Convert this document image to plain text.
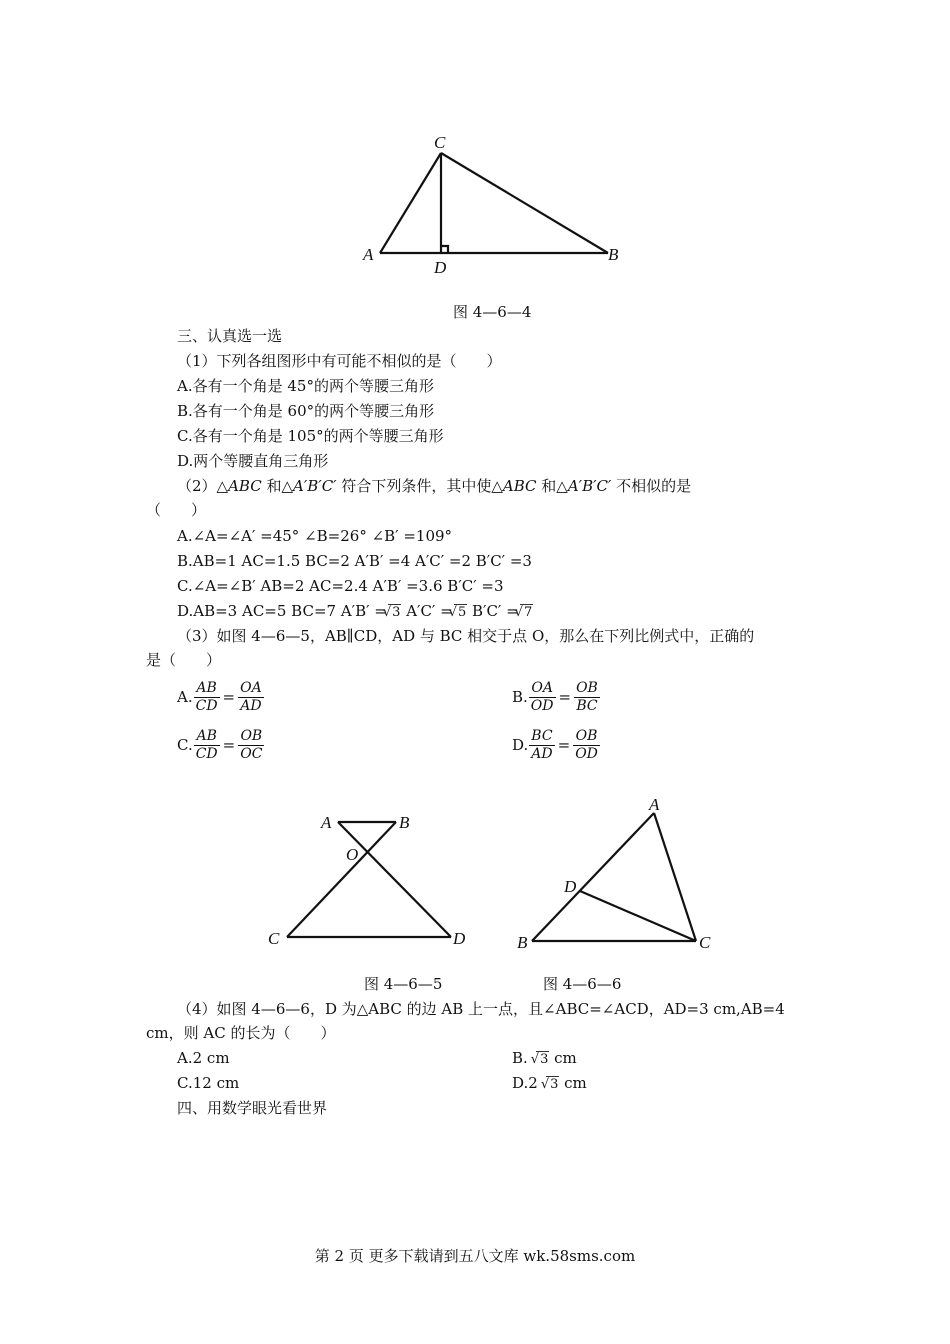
C
A
D
B
图 4—6—4
三、认真选一选
（1）下列各组图形中有可能不相似的是（　　）
A.各有一个角是 45°的两个等腰三角形
B.各有一个角是 60°的两个等腰三角形
C.各有一个角是 105°的两个等腰三角形
D.两个等腰直角三角形
（2）△ABC 和△A′B′C′ 符合下列条件，其中使△ABC 和△A′B′C′ 不相似的是
（　　）
A.∠A=∠A′ =45° ∠B=26° ∠B′ =109°
B.AB=1 AC=1.5 BC=2 A′B′ =4 A′C′ =2 B′C′ =3
C.∠A=∠B′ AB=2 AC=2.4 A′B′ =3.6 B′C′ =3
D.AB=3 AC=5 BC=7 A′B′ = √ 3 A′C′ = √ 5 B′C′ = √ 7
（3）如图 4—6—5，AB∥CD，AD 与 BC 相交于点 O，那么在下列比例式中，正确的
是（　　）
A. $\frac{AB}{CD} = \frac{OA}{AD}$	B. $\frac{OA}{OD} = \frac{OB}{BC}$
C. $\frac{AB}{CD} = \frac{OB}{OC}$	D. $\frac{BC}{AD} = \frac{OB}{OD}$
A	B
O
C	D
A
D
B	C
图 4—6—5	图 4—6—6
（4）如图 4—6—6，D 为△ABC 的边 AB 上一点，且∠ABC=∠ACD，AD=3 cm,AB=4
cm，则 AC 的长为（　　）
A.2 cm	B. √ 3 cm
C.12 cm	D.2 √ 3 cm
四、用数学眼光看世界
第 2 页 更多下载请到五八文库 wk.58sms.com
